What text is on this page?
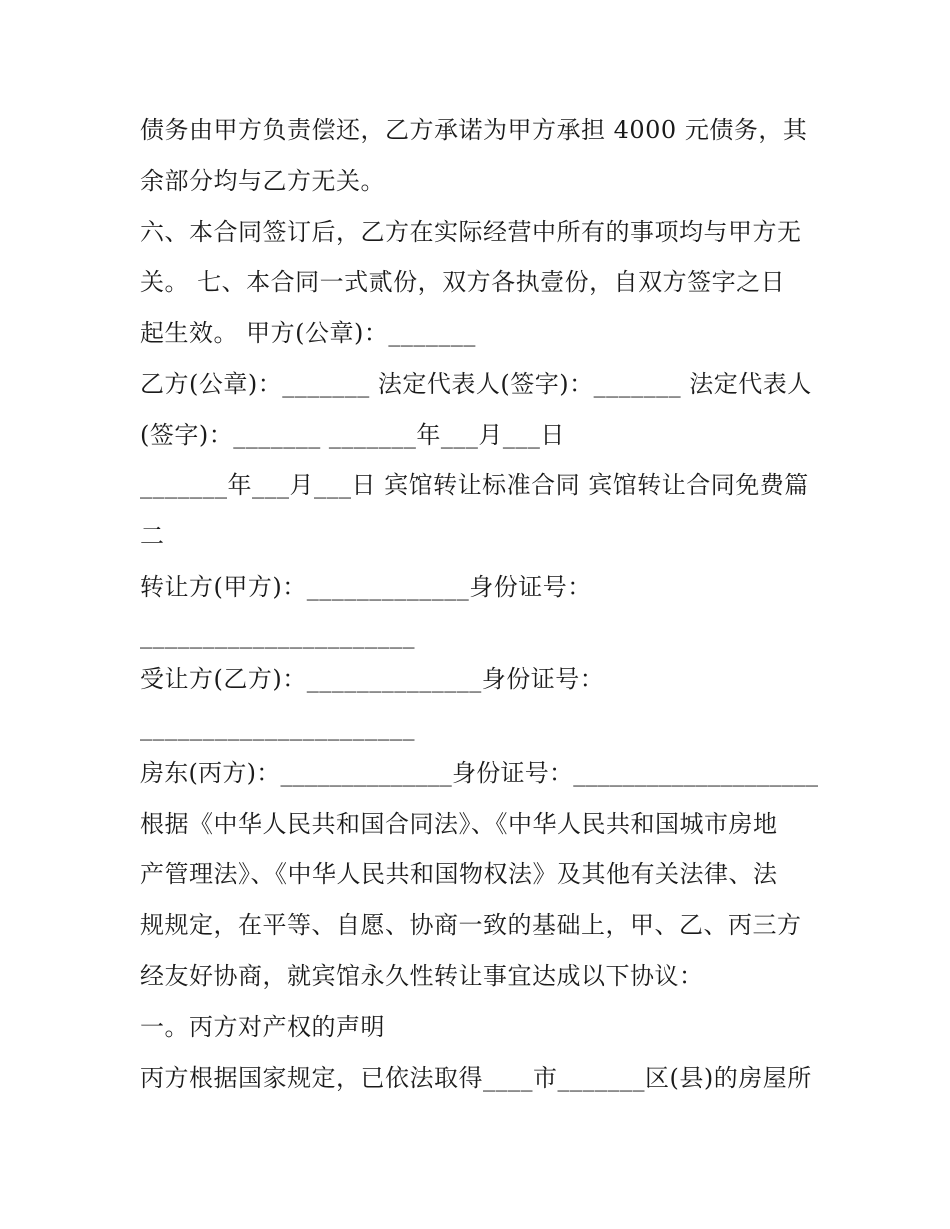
债务由甲方负责偿还，乙方承诺为甲方承担 4000 元债务，其
余部分均与乙方无关。
六、本合同签订后，乙方在实际经营中所有的事项均与甲方无
关。 七、本合同一式贰份，双方各执壹份，自双方签字之日
起生效。 甲方(公章)：_______
乙方(公章)：_______ 法定代表人(签字)：_______ 法定代表人
(签字)：_______ _______年___月___日
_______年___月___日 宾馆转让标准合同 宾馆转让合同免费篇
二
转让方(甲方)：_____________身份证号：
______________________
受让方(乙方)：______________身份证号：
______________________
房东(丙方)：______________身份证号：____________________
根据《中华人民共和国合同法》、《中华人民共和国城市房地
产管理法》、《中华人民共和国物权法》及其他有关法律、法
规规定，在平等、自愿、协商一致的基础上，甲、乙、丙三方
经友好协商，就宾馆永久性转让事宜达成以下协议：
一。丙方对产权的声明
丙方根据国家规定，已依法取得____市_______区(县)的房屋所
